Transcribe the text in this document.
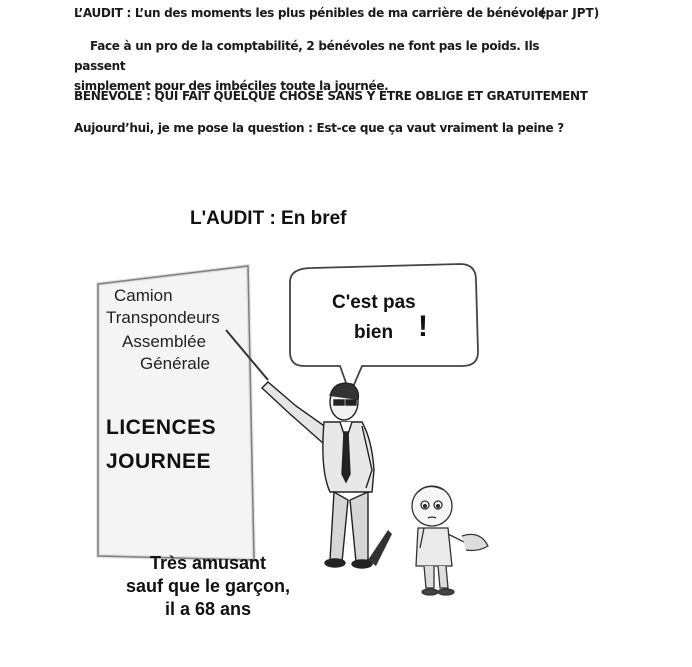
L’AUDIT : L’un des moments les plus pénibles de ma carrière de bénévole
(par JPT)
Face à un pro de la comptabilité, 2 bénévoles ne font pas le poids. Ils passent
simplement pour des imbéciles toute la journée.
BENEVOLE : QUI FAIT QUELQUE CHOSE SANS Y ETRE OBLIGE ET GRATUITEMENT
Aujourd’hui, je me pose la question : Est-ce que ça vaut vraiment la peine ?
L'AUDIT : En bref
Camion
Transpondeurs
Assemblée
Générale
LICENCES
JOURNEE
C'est pas
bien !
Très amusant
sauf que le garçon,
il a 68 ans
